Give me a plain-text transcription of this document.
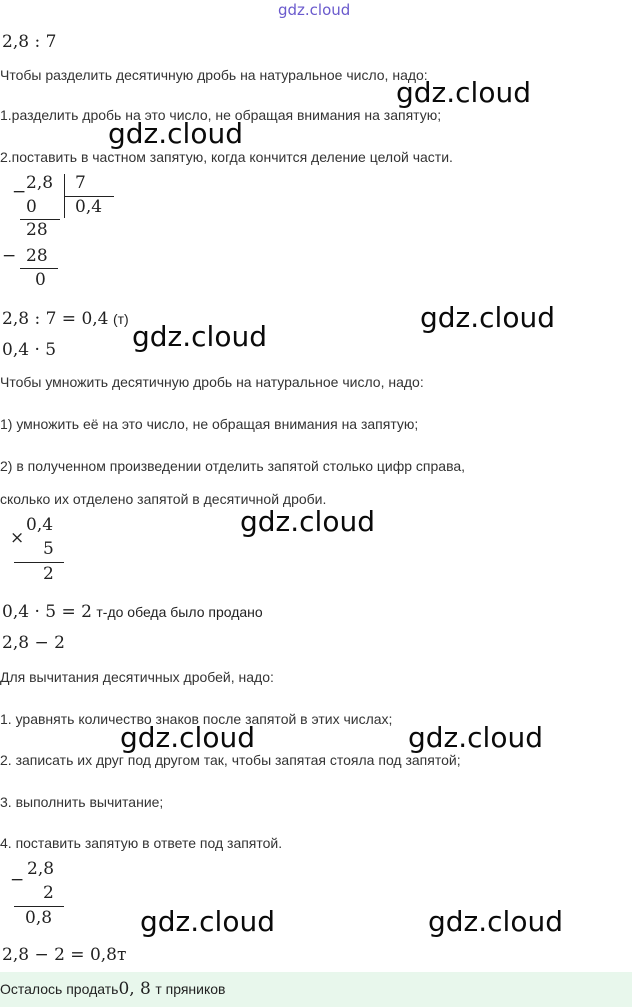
gdz.cloud
2,8 : 7
Чтобы разделить десятичную дробь на натуральное число, надо:
1.разделить дробь на это число, не обращая внимания на запятую;
2.поставить в частном запятую, когда кончится деление целой части.
2,8 7
−
0 0,4
28
− 28
0
2,8 : 7 = 0,4 (т)
0,4 · 5
Чтобы умножить десятичную дробь на натуральное число, надо:
1) умножить её на это число, не обращая внимания на запятую;
2) в полученном произведении отделить запятой столько цифр справа,
сколько их отделено запятой в десятичной дроби.
×
0,4
5
2
0,4 · 5 = 2 т-до обеда было продано
2,8 − 2
Для вычитания десятичных дробей, надо:
1. уравнять количество знаков после запятой в этих числах;
2. записать их друг под другом так, чтобы запятая стояла под запятой;
3. выполнить вычитание;
4. поставить запятую в ответе под запятой.
−
2,8
2
0,8
2,8 − 2 = 0,8т
Осталось продать0, 8 т пряников
gdz.cloud
gdz.cloud
gdz.cloud
gdz.cloud
gdz.cloud
gdz.cloud	gdz.cloud
gdz.cloud	gdz.cloud
